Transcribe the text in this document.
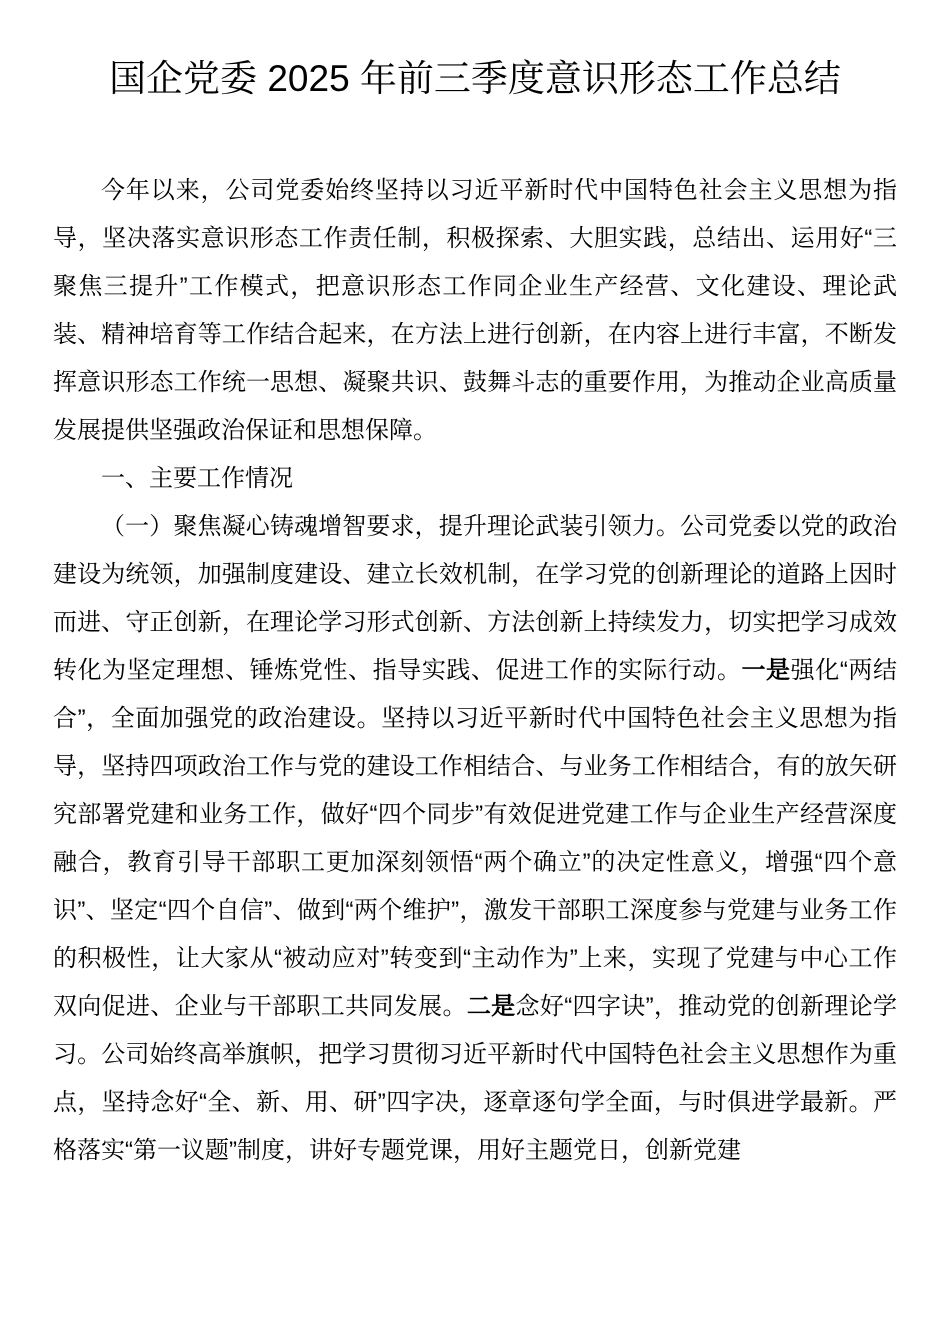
国企党委 2025 年前三季度意识形态工作总结

今年以来，公司党委始终坚持以习近平新时代中国特色社会主义思想为指导，坚决落实意识形态工作责任制，积极探索、大胆实践，总结出、运用好“三聚焦三提升”工作模式，把意识形态工作同企业生产经营、文化建设、理论武装、精神培育等工作结合起来，在方法上进行创新，在内容上进行丰富，不断发挥意识形态工作统一思想、凝聚共识、鼓舞斗志的重要作用，为推动企业高质量发展提供坚强政治保证和思想保障。

一、主要工作情况

（一）聚焦凝心铸魂增智要求，提升理论武装引领力。公司党委以党的政治建设为统领，加强制度建设、建立长效机制，在学习党的创新理论的道路上因时而进、守正创新，在理论学习形式创新、方法创新上持续发力，切实把学习成效转化为坚定理想、锤炼党性、指导实践、促进工作的实际行动。一是强化“两结合”，全面加强党的政治建设。坚持以习近平新时代中国特色社会主义思想为指导，坚持四项政治工作与党的建设工作相结合、与业务工作相结合，有的放矢研究部署党建和业务工作，做好“四个同步”有效促进党建工作与企业生产经营深度融合，教育引导干部职工更加深刻领悟“两个确立”的决定性意义，增强“四个意识”、坚定“四个自信”、做到“两个维护”，激发干部职工深度参与党建与业务工作的积极性，让大家从“被动应对”转变到“主动作为”上来，实现了党建与中心工作双向促进、企业与干部职工共同发展。二是念好“四字诀”，推动党的创新理论学习。公司始终高举旗帜，把学习贯彻习近平新时代中国特色社会主义思想作为重点，坚持念好“全、新、用、研”四字决，逐章逐句学全面，与时俱进学最新。严格落实“第一议题”制度，讲好专题党课，用好主题党日，创新党建
